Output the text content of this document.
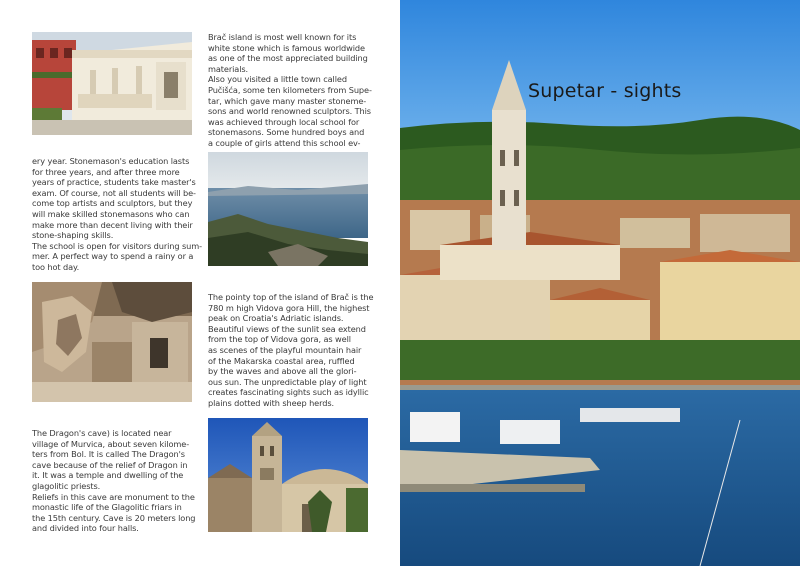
Brač island is most well known for its

white stone which is famous worldwide

as one of the most appreciated building

materials.

Also you visited a little town called

Pučišća, some ten kilometers from Supe-

tar, which gave many master stoneme-

sons and world renowned sculptors. This

was achieved through local school for

stonemasons. Some hundred boys and

a couple of girls attend this school ev-

ery year. Stonemason's education lasts

for three years, and after three more

years of practice, students take master's

exam. Of course, not all students will be-

come top artists and sculptors, but they

will make skilled stonemasons who can

make more than decent living with their

stone-shaping skills.

The school is open for visitors during sum-

mer. A perfect way to spend a rainy or a

too hot day.

The pointy top of the island of Brač is the

780 m high Vidova gora Hill, the highest

peak on Croatia's Adriatic islands.

Beautiful views of the sunlit sea extend

from the top of Vidova gora, as well

as scenes of the playful mountain hair

of the Makarska coastal area, ruffled

by the waves and above all the glori-

ous sun. The unpredictable play of light

creates fascinating sights such as idyllic

plains dotted with sheep herds.

The Dragon's cave) is located near

village of Murvica, about seven kilome-

ters from Bol. It is called The Dragon's

cave because of the relief of Dragon in

it. It was a temple and dwelling of the

glagolitic priests.

Reliefs in this cave are monument to the

monastic life of the Glagolitic friars in

the 15th century. Cave is 20 meters long

and divided into four halls.

Supetar - sights
